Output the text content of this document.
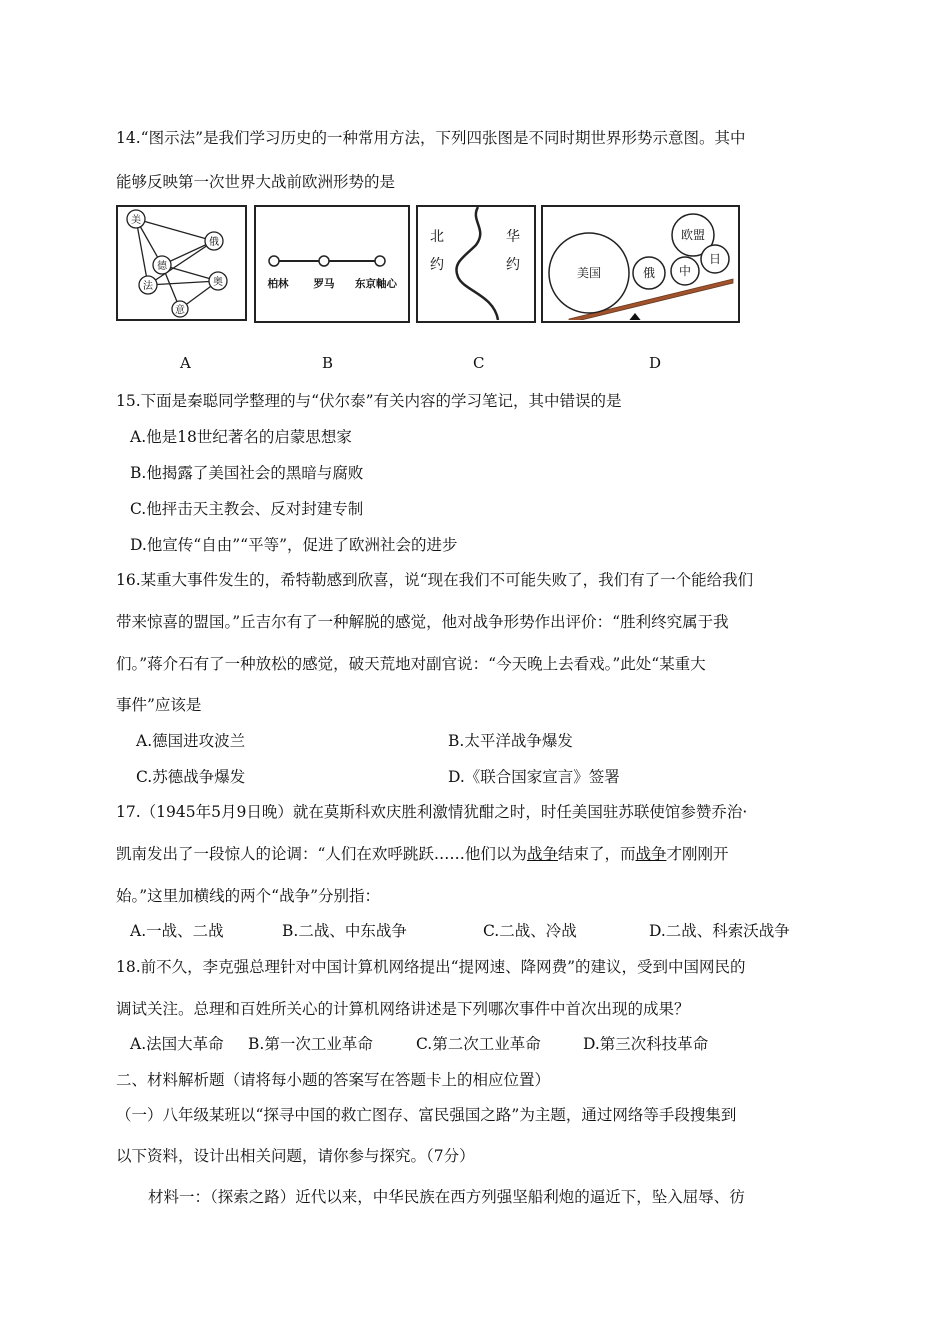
14.“图示法”是我们学习历史的一种常用方法，下列四张图是不同时期世界形势示意图。其中
能够反映第一次世界大战前欧洲形势的是
美
俄
德
法	奥
意
柏林 罗马 东京軸心
北
约
华
约	美国	俄 中
欧盟
日
A	B	C	D
15.下面是秦聪同学整理的与“伏尔泰”有关内容的学习笔记，其中错误的是
A.他是18世纪著名的启蒙思想家
B.他揭露了美国社会的黑暗与腐败
C.他抨击天主教会、反对封建专制
D.他宣传“自由”“平等”，促进了欧洲社会的进步
16.某重大事件发生的，希特勒感到欣喜，说“现在我们不可能失败了，我们有了一个能给我们
带来惊喜的盟国。”丘吉尔有了一种解脱的感觉，他对战争形势作出评价：“胜利终究属于我
们。”蒋介石有了一种放松的感觉，破天荒地对副官说：“今天晚上去看戏。”此处“某重大
事件”应该是
A.德国进攻波兰	B.太平洋战争爆发
C.苏德战争爆发	D.《联合国家宣言》签署
17.（1945年5月9日晚）就在莫斯科欢庆胜利激情犹酣之时，时任美国驻苏联使馆参赞乔治·
凯南发出了一段惊人的论调：“人们在欢呼跳跃……他们以为战争结束了，而战争才刚刚开
始。”这里加横线的两个“战争”分别指：
A.一战、二战	B.二战、中东战争	C.二战、冷战	D.二战、科索沃战争
18.前不久，李克强总理针对中国计算机网络提出“提网速、降网费”的建议，受到中国网民的
调试关注。总理和百姓所关心的计算机网络讲述是下列哪次事件中首次出现的成果？
A.法国大革命 B.第一次工业革命	C.第二次工业革命	D.第三次科技革命
二、材料解析题（请将每小题的答案写在答题卡上的相应位置）
（一）八年级某班以“探寻中国的救亡图存、富民强国之路”为主题，通过网络等手段搜集到
以下资料，设计出相关问题，请你参与探究。（7分）
材料一：（探索之路）近代以来，中华民族在西方列强坚船利炮的逼近下，坠入屈辱、彷
